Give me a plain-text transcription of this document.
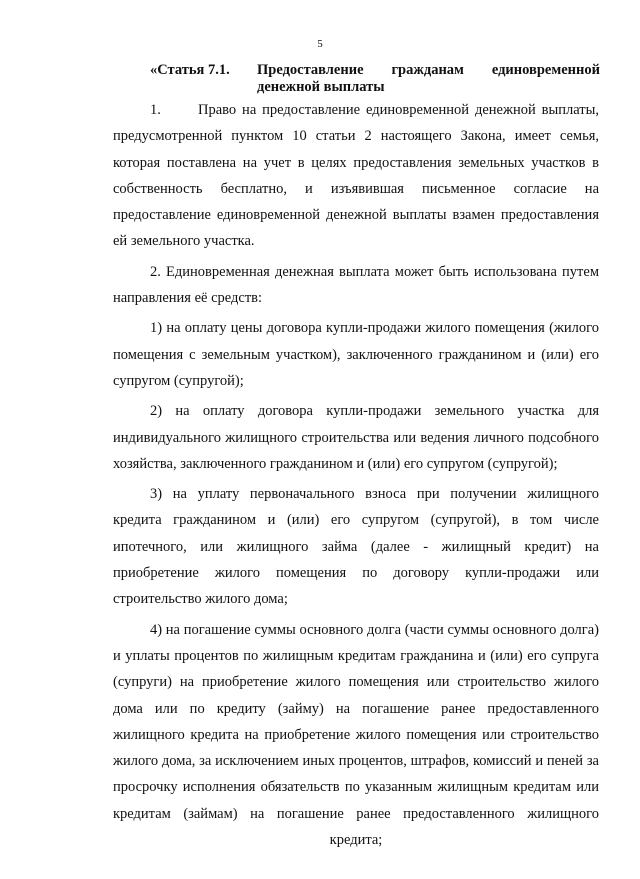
5
«Статья 7.1. Предоставление гражданам единовременной денежной выплаты

1.	Право на предоставление единовременной денежной выплаты, предусмотренной пунктом 10 статьи 2 настоящего Закона, имеет семья, которая поставлена на учет в целях предоставления земельных участков в собственность бесплатно, и изъявившая письменное согласие на предоставление единовременной денежной выплаты взамен предоставления ей земельного участка.

2. Единовременная денежная выплата может быть использована путем направления её средств:

1) на оплату цены договора купли-продажи жилого помещения (жилого помещения с земельным участком), заключенного гражданином и (или) его супругом (супругой);

2) на оплату договора купли-продажи земельного участка для индивидуального жилищного строительства или ведения личного подсобного хозяйства, заключенного гражданином и (или) его супругом (супругой);

3) на уплату первоначального взноса при получении жилищного кредита гражданином и (или) его супругом (супругой), в том числе ипотечного, или жилищного займа (далее - жилищный кредит) на приобретение жилого помещения по договору купли-продажи или строительство жилого дома;

4) на погашение суммы основного долга (части суммы основного долга) и уплаты процентов по жилищным кредитам гражданина и (или) его супруга (супруги) на приобретение жилого помещения или строительство жилого дома или по кредиту (займу) на погашение ранее предоставленного жилищного кредита на приобретение жилого помещения или строительство жилого дома, за исключением иных процентов, штрафов, комиссий и пеней за просрочку исполнения обязательств по указанным жилищным кредитам или кредитам (займам) на погашение ранее предоставленного жилищного кредита;
